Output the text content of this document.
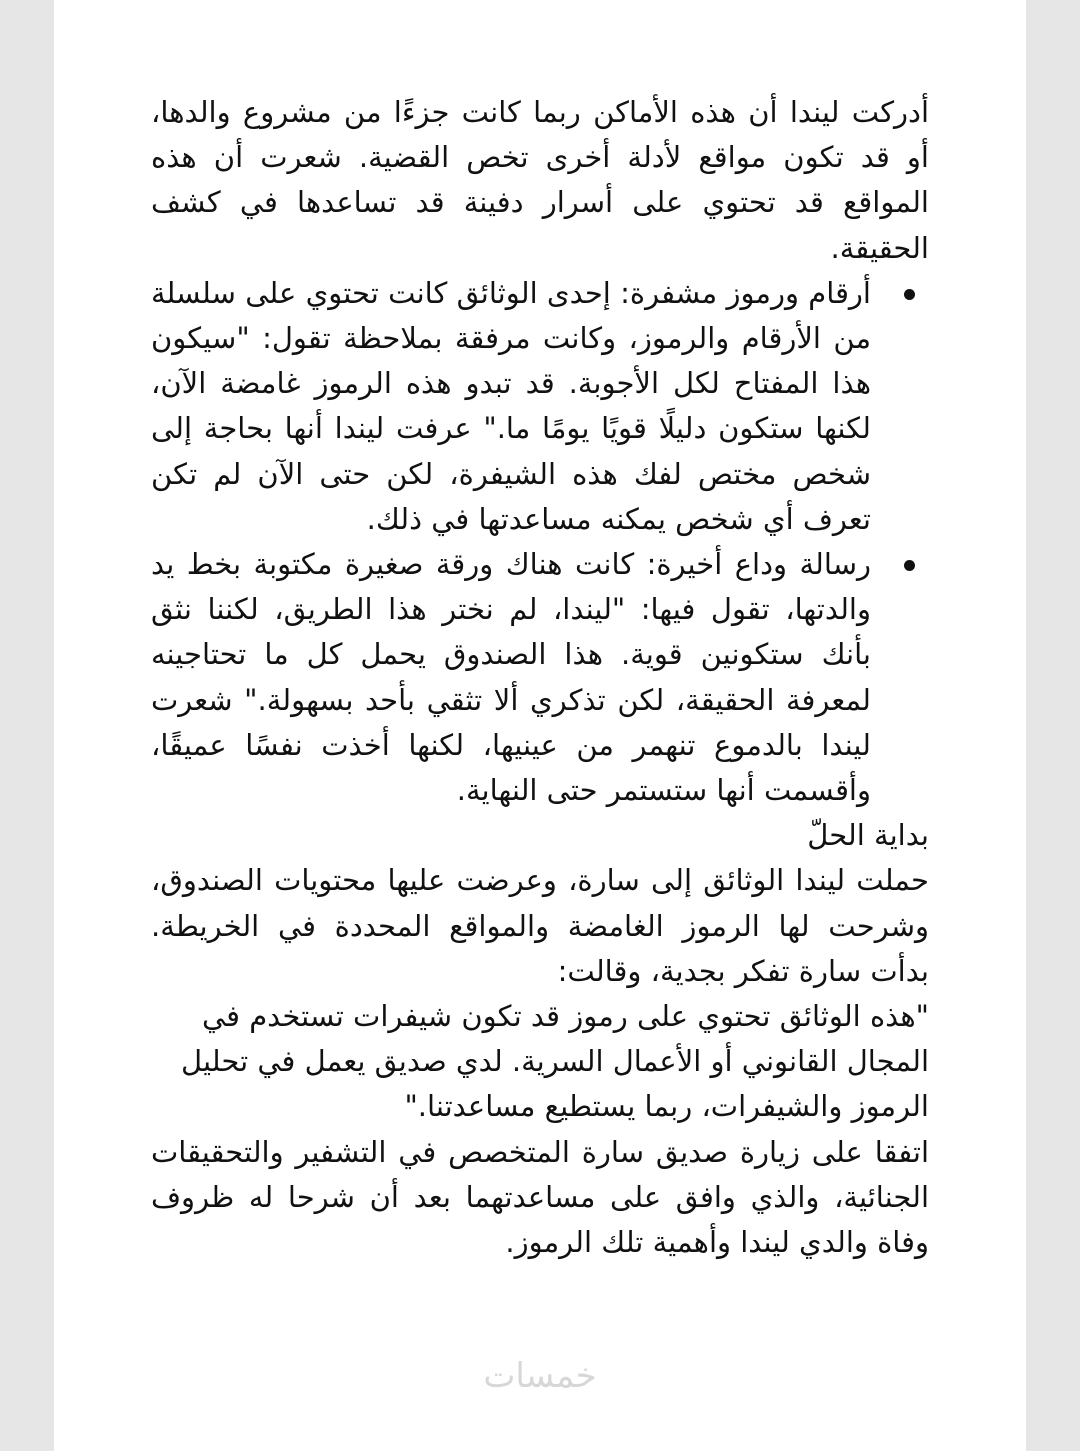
أدركت ليندا أن هذه الأماكن ربما كانت جزءًا من مشروع والدها، أو قد تكون مواقع لأدلة أخرى تخص القضية. شعرت أن هذه المواقع قد تحتوي على أسرار دفينة قد تساعدها في كشف الحقيقة.

أرقام ورموز مشفرة: إحدى الوثائق كانت تحتوي على سلسلة من الأرقام والرموز، وكانت مرفقة بملاحظة تقول: "سيكون هذا المفتاح لكل الأجوبة. قد تبدو هذه الرموز غامضة الآن، لكنها ستكون دليلًا قويًا يومًا ما." عرفت ليندا أنها بحاجة إلى شخص مختص لفك هذه الشيفرة، لكن حتى الآن لم تكن تعرف أي شخص يمكنه مساعدتها في ذلك.
رسالة وداع أخيرة: كانت هناك ورقة صغيرة مكتوبة بخط يد والدتها، تقول فيها: "ليندا، لم نختر هذا الطريق، لكننا نثق بأنك ستكونين قوية. هذا الصندوق يحمل كل ما تحتاجينه لمعرفة الحقيقة، لكن تذكري ألا تثقي بأحد بسهولة." شعرت ليندا بالدموع تنهمر من عينيها، لكنها أخذت نفسًا عميقًا، وأقسمت أنها ستستمر حتى النهاية.
بداية الحلّ

حملت ليندا الوثائق إلى سارة، وعرضت عليها محتويات الصندوق، وشرحت لها الرموز الغامضة والمواقع المحددة في الخريطة. بدأت سارة تفكر بجدية، وقالت:

"هذه الوثائق تحتوي على رموز قد تكون شيفرات تستخدم في المجال القانوني أو الأعمال السرية. لدي صديق يعمل في تحليل الرموز والشيفرات، ربما يستطيع مساعدتنا."

اتفقا على زيارة صديق سارة المتخصص في التشفير والتحقيقات الجنائية، والذي وافق على مساعدتهما بعد أن شرحا له ظروف وفاة والدي ليندا وأهمية تلك الرموز.

خمسات
